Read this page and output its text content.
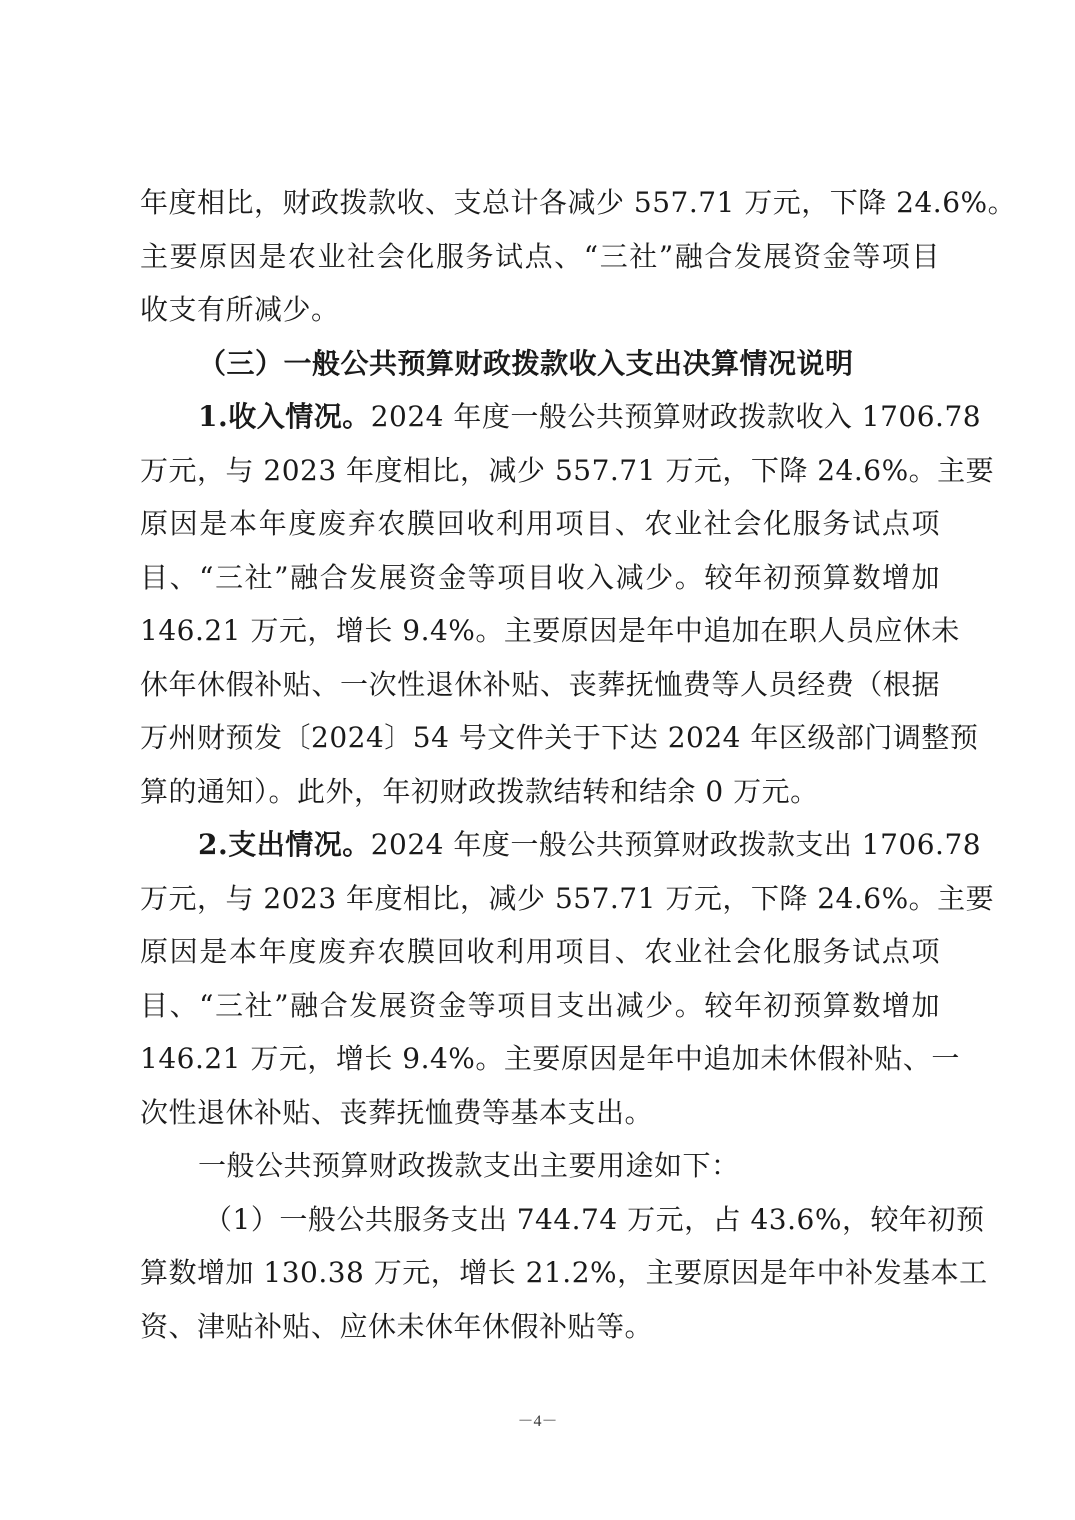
年度相比，财政拨款收、支总计各减少 557.71 万元，下降 24.6%。
主要原因是农业社会化服务试点、“三社”融合发展资金等项目
收支有所减少。
（三）一般公共预算财政拨款收入支出决算情况说明
1.收入情况。2024 年度一般公共预算财政拨款收入 1706.78
万元，与 2023 年度相比，减少 557.71 万元，下降 24.6%。主要
原因是本年度废弃农膜回收利用项目、农业社会化服务试点项
目、“三社”融合发展资金等项目收入减少。较年初预算数增加
146.21 万元，增长 9.4%。主要原因是年中追加在职人员应休未
休年休假补贴、一次性退休补贴、丧葬抚恤费等人员经费（根据
万州财预发〔2024〕54 号文件关于下达 2024 年区级部门调整预
算的通知）。此外，年初财政拨款结转和结余 0 万元。
2.支出情况。2024 年度一般公共预算财政拨款支出 1706.78
万元，与 2023 年度相比，减少 557.71 万元，下降 24.6%。主要
原因是本年度废弃农膜回收利用项目、农业社会化服务试点项
目、“三社”融合发展资金等项目支出减少。较年初预算数增加
146.21 万元，增长 9.4%。主要原因是年中追加未休假补贴、一
次性退休补贴、丧葬抚恤费等基本支出。
一般公共预算财政拨款支出主要用途如下：
（1）一般公共服务支出 744.74 万元，占 43.6%，较年初预
算数增加 130.38 万元，增长 21.2%，主要原因是年中补发基本工
资、津贴补贴、应休未休年休假补贴等。
－4－
